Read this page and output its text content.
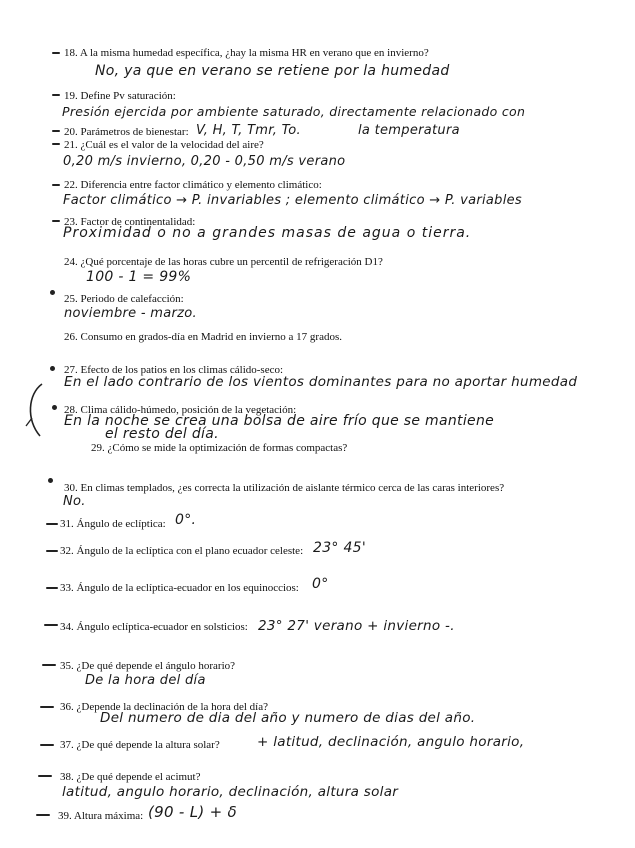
18. A la misma humedad específica, ¿hay la misma HR en verano que en invierno?
No, ya que en verano se retiene por la humedad
19. Define Pv saturación:
Presión ejercida por ambiente saturado, directamente relacionado con
la temperatura
20. Parámetros de bienestar: V, H, T, Tmr, To.
21. ¿Cuál es el valor de la velocidad del aire?
0,20 m/s invierno, 0,20 - 0,50 m/s verano
22. Diferencia entre factor climático y elemento climático:
Factor climático → P. invariables ; elemento climático → P. variables
23. Factor de continentalidad:
Proximidad o no a grandes masas de agua o tierra.
24. ¿Qué porcentaje de las horas cubre un percentil de refrigeración D1?
100 - 1 = 99%
25. Periodo de calefacción:
noviembre - marzo.
26. Consumo en grados-día en Madrid en invierno a 17 grados.
27. Efecto de los patios en los climas cálido-seco:
En el lado contrario de los vientos dominantes para no aportar humedad
28. Clima cálido-húmedo, posición de la vegetación:
En la noche se crea una bolsa de aire frío que se mantiene
el resto del día.
29. ¿Cómo se mide la optimización de formas compactas?
30. En climas templados, ¿es correcta la utilización de aislante térmico cerca de las caras interiores?
No.
31. Ángulo de eclíptica: 0°.
32. Ángulo de la eclíptica con el plano ecuador celeste: 23° 45'
33. Ángulo de la eclíptica-ecuador en los equinoccios: 0°
34. Ángulo eclíptica-ecuador en solsticios: 23° 27' verano + invierno -.
35. ¿De qué depende el ángulo horario?
De la hora del día
36. ¿Depende la declinación de la hora del día?
Del numero de dia del año y numero de dias del año.
37. ¿De qué depende la altura solar?	+ latitud, declinación, angulo horario,
38. ¿De qué depende el acimut?
latitud, angulo horario, declinación, altura solar
39. Altura máxima: (90 - L) + δ
